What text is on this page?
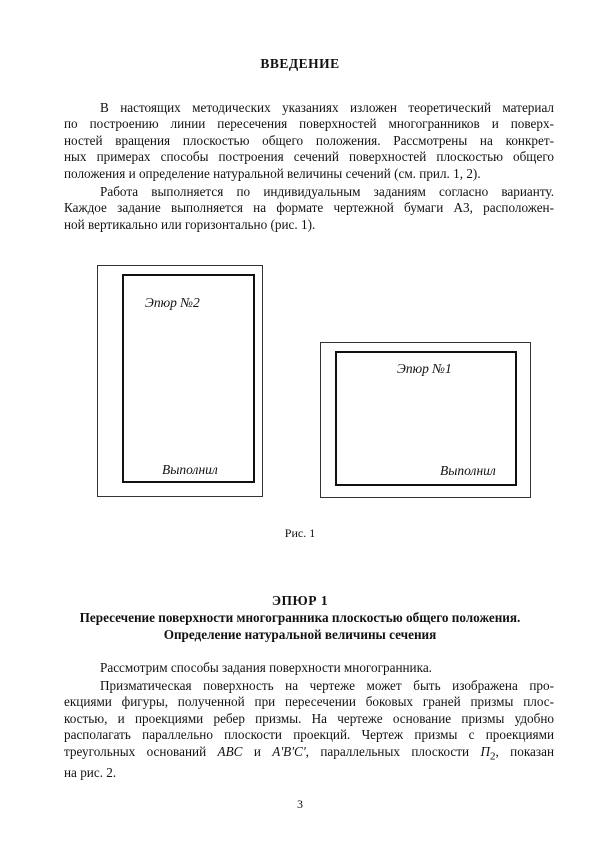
ВВЕДЕНИЕ

В настоящих методических указаниях изложен теоретический материал
по построению линии пересечения поверхностей многогранников и поверх-
ностей вращения плоскостью общего положения. Рассмотрены на конкрет-
ных примерах способы построения сечений поверхностей плоскостью общего
положения и определение натуральной величины сечений (см. прил. 1, 2).

Работа выполняется по индивидуальным заданиям согласно варианту.
Каждое задание выполняется на формате чертежной бумаги А3, расположен-
ной вертикально или горизонтально (рис. 1).

Эпюр №2
Выполнил
Эпюр №1
Выполнил
Рис. 1
ЭПЮР 1
Пересечение поверхности многогранника плоскостью общего положения.
Определение натуральной величины сечения

Рассмотрим способы задания поверхности многогранника.

Призматическая поверхность на чертеже может быть изображена про-
екциями фигуры, полученной при пересечении боковых граней призмы плос-
костью, и проекциями ребер призмы. На чертеже основание призмы удобно
располагать параллельно плоскости проекций. Чертеж призмы с проекциями
треугольных оснований ABC и A'B'C', параллельных плоскости $П_2$, показан
на рис. 2.

3
